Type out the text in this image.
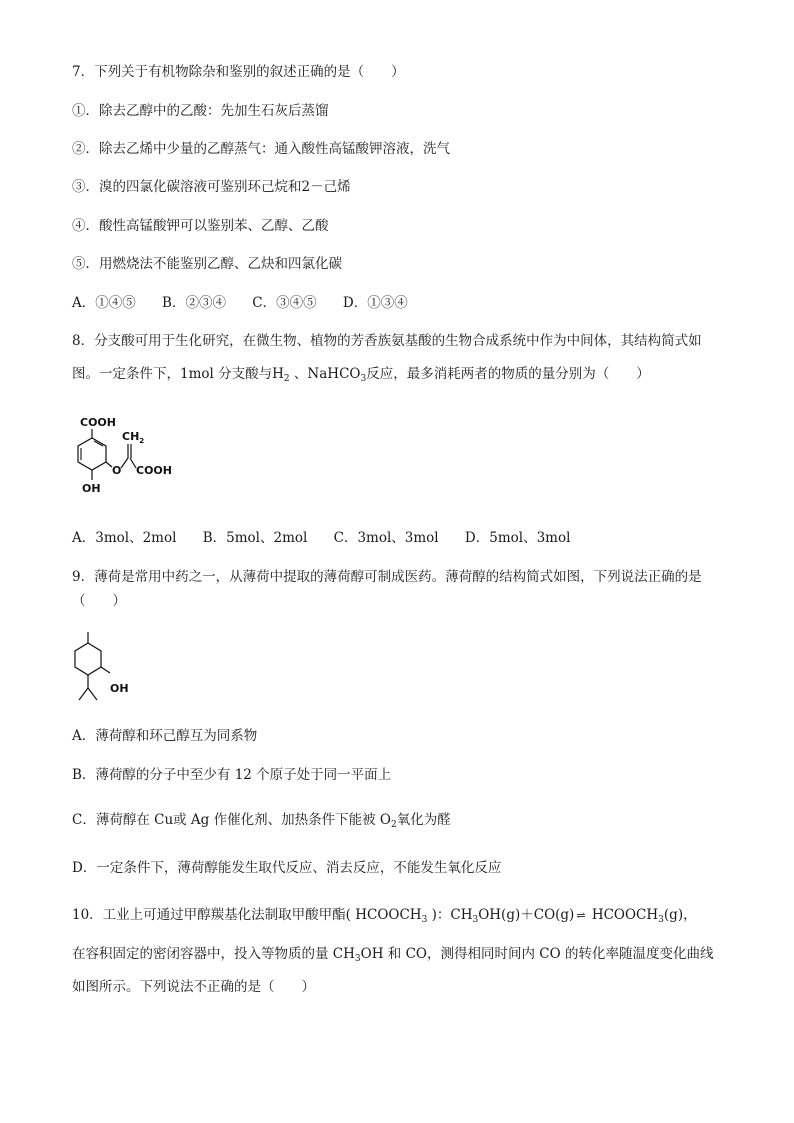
7．下列关于有机物除杂和鉴别的叙述正确的是（　　）
①．除去乙醇中的乙酸：先加生石灰后蒸馏
②．除去乙烯中少量的乙醇蒸气：通入酸性高锰酸钾溶液，洗气
③．溴的四氯化碳溶液可鉴别环己烷和2－己烯
④．酸性高锰酸钾可以鉴别苯、乙醇、乙酸
⑤．用燃烧法不能鉴别乙醇、乙炔和四氯化碳
A．①④⑤ B．②③④ C．③④⑤ D．①③④
8．分支酸可用于生化研究，在微生物、植物的芳香族氨基酸的生物合成系统中作为中间体，其结构简式如
图。一定条件下，1mol 分支酸与$H_2$ 、NaHCO$_3$反应，最多消耗两者的物质的量分别为（　　）
COOH
OH
O
$CH_2$
COOH
A．3mol、2mol B．5mol、2mol C．3mol、3mol D．5mol、3mol
9．薄荷是常用中药之一，从薄荷中提取的薄荷醇可制成医药。薄荷醇的结构简式如图，下列说法正确的是
（　　）
OH
A．薄荷醇和环己醇互为同系物
B．薄荷醇的分子中至少有 12 个原子处于同一平面上
C．薄荷醇在 Cu或 Ag 作催化剂、加热条件下能被 $O_2$氧化为醛
D．一定条件下，薄荷醇能发生取代反应、消去反应，不能发生氧化反应
10．工业上可通过甲醇羰基化法制取甲酸甲酯( $HCOOCH_3$ )：$CH_3OH(g)+CO(g)$ ⇌ $HCOOCH_3(g)$，
在容积固定的密闭容器中，投入等物质的量 $CH_3OH$ 和 CO，测得相同时间内 CO 的转化率随温度变化曲线
如图所示。下列说法不正确的是（　　）
